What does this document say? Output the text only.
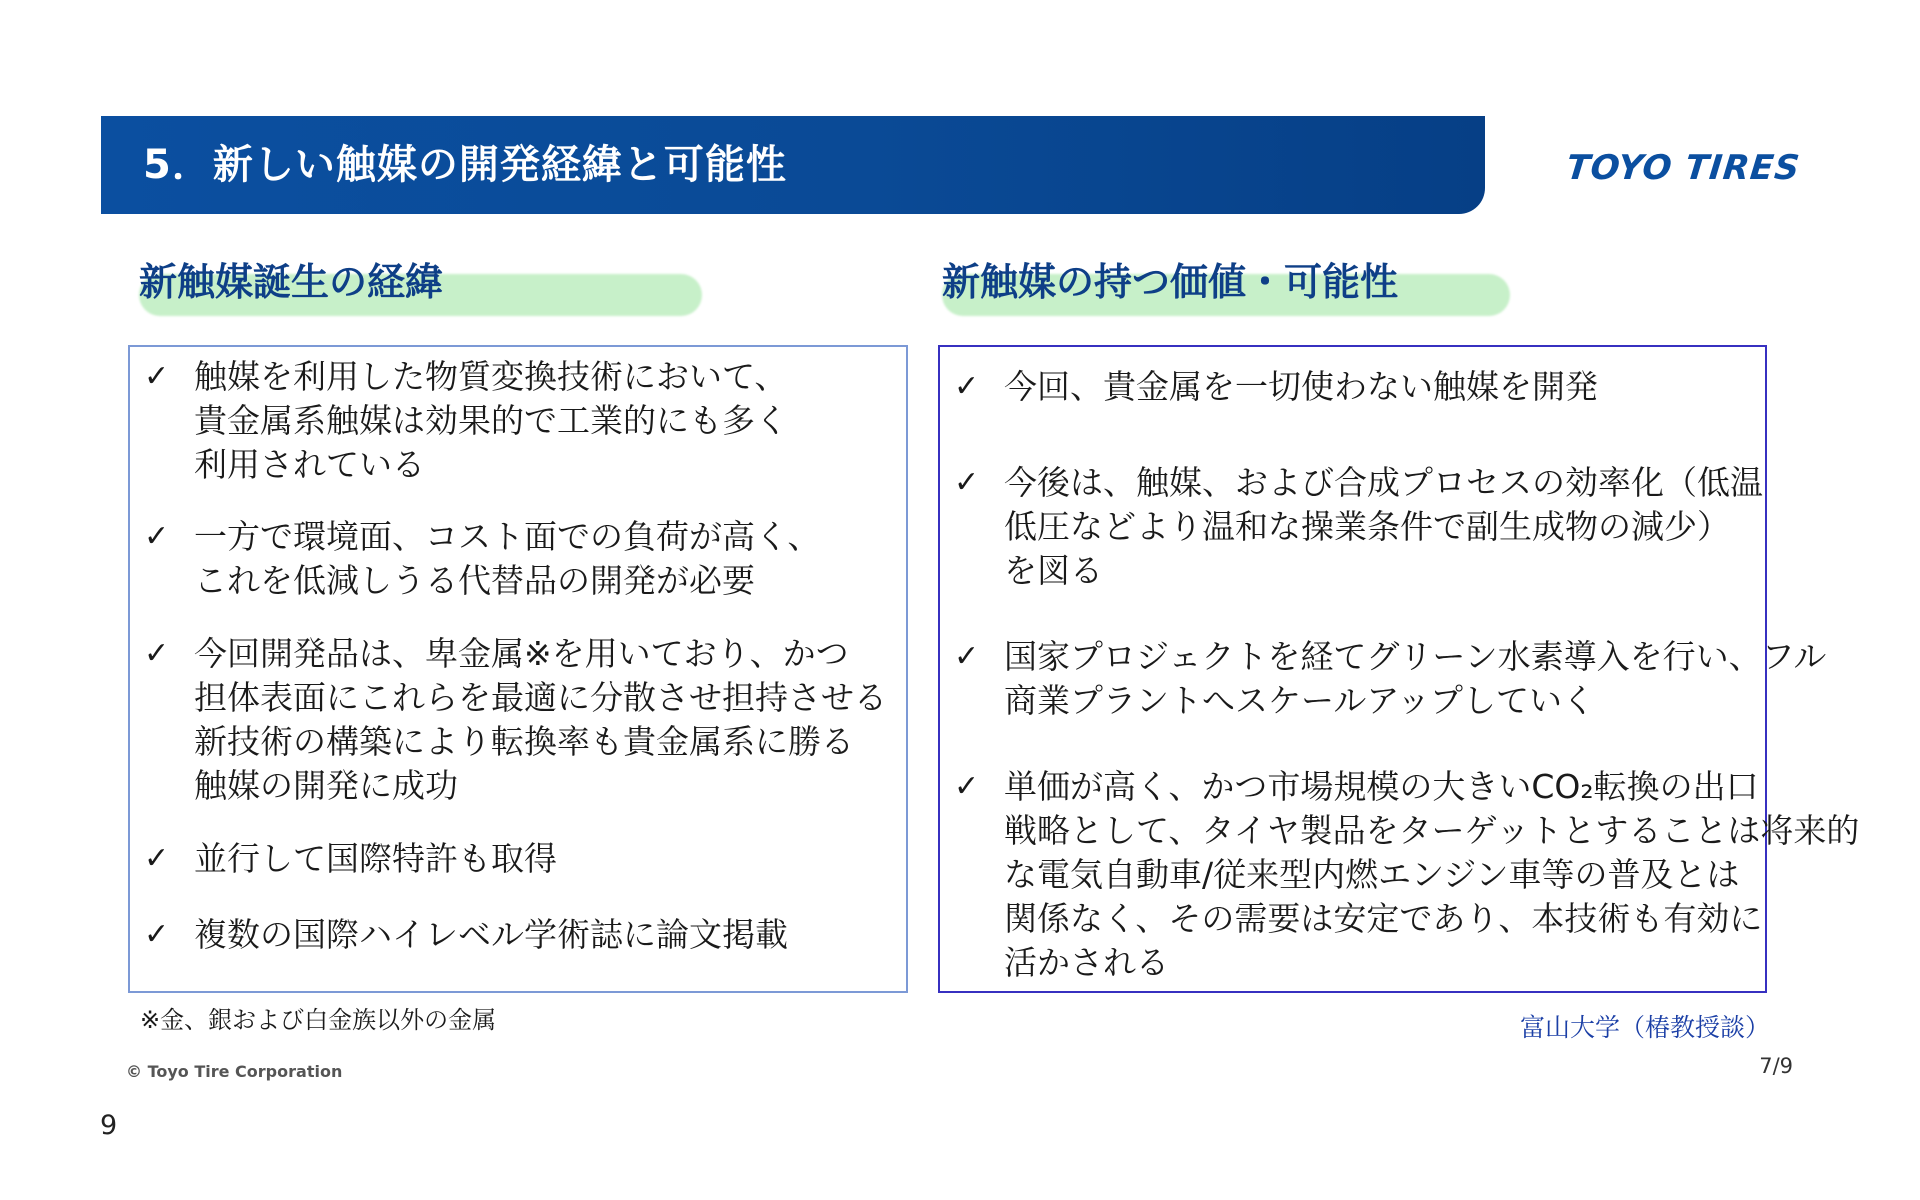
5．新しい触媒の開発経緯と可能性	TOYO TIRES
新触媒誕生の経緯	新触媒の持つ価値・可能性
✓ 触媒を利用した物質変換技術において、
貴金属系触媒は効果的で工業的にも多く
利用されている
✓ 一方で環境面、コスト面での負荷が高く、
これを低減しうる代替品の開発が必要
✓ 今回開発品は、卑金属※を用いており、かつ
担体表面にこれらを最適に分散させ担持させる
新技術の構築により転換率も貴金属系に勝る
触媒の開発に成功
✓ 並行して国際特許も取得
✓ 複数の国際ハイレベル学術誌に論文掲載
✓ 今回、貴金属を一切使わない触媒を開発
✓ 今後は、触媒、および合成プロセスの効率化（低温
低圧などより温和な操業条件で副生成物の減少）
を図る
✓ 国家プロジェクトを経てグリーン水素導入を行い、フル
商業プラントへスケールアップしていく
✓ 単価が高く、かつ市場規模の大きいCO₂転換の出口
戦略として、タイヤ製品をターゲットとすることは将来的
な電気自動車/従来型内燃エンジン車等の普及とは
関係なく、その需要は安定であり、本技術も有効に
活かされる
※金、銀および白金族以外の金属	富山大学（椿教授談）
© Toyo Tire Corporation	7/9
9
